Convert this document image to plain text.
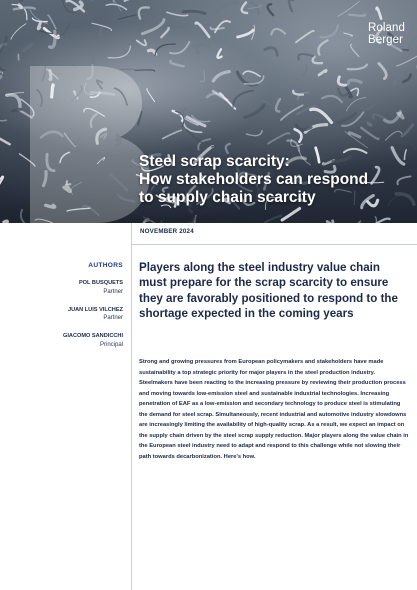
Roland
Berger
Steel scrap scarcity:
How stakeholders can respond
to supply chain scarcity
NOVEMBER 2024
AUTHORS
POL BUSQUETS
Partner
JUAN LUIS VILCHEZ
Partner
GIACOMO SANDICCHI
Principal

Players along the steel industry value chain must prepare for the scrap scarcity to ensure they are favorably positioned to respond to the shortage expected in the coming years

Strong and growing pressures from European policymakers and stakeholders have made sustainability a top strategic priority for major players in the steel production industry. Steelmakers have been reacting to the increasing pressure by reviewing their production process and moving towards low-emission steel and sustainable industrial technologies. Increasing penetration of EAF as a low-emission and secondary technology to produce steel is stimulating the demand for steel scrap. Simultaneously, recent industrial and automotive industry slowdowns are increasingly limiting the availability of high-quality scrap. As a result, we expect an impact on the supply chain driven by the steel scrap supply reduction. Major players along the value chain in the European steel industry need to adapt and respond to this challenge while not slowing their path towards decarbonization. Here's how.
